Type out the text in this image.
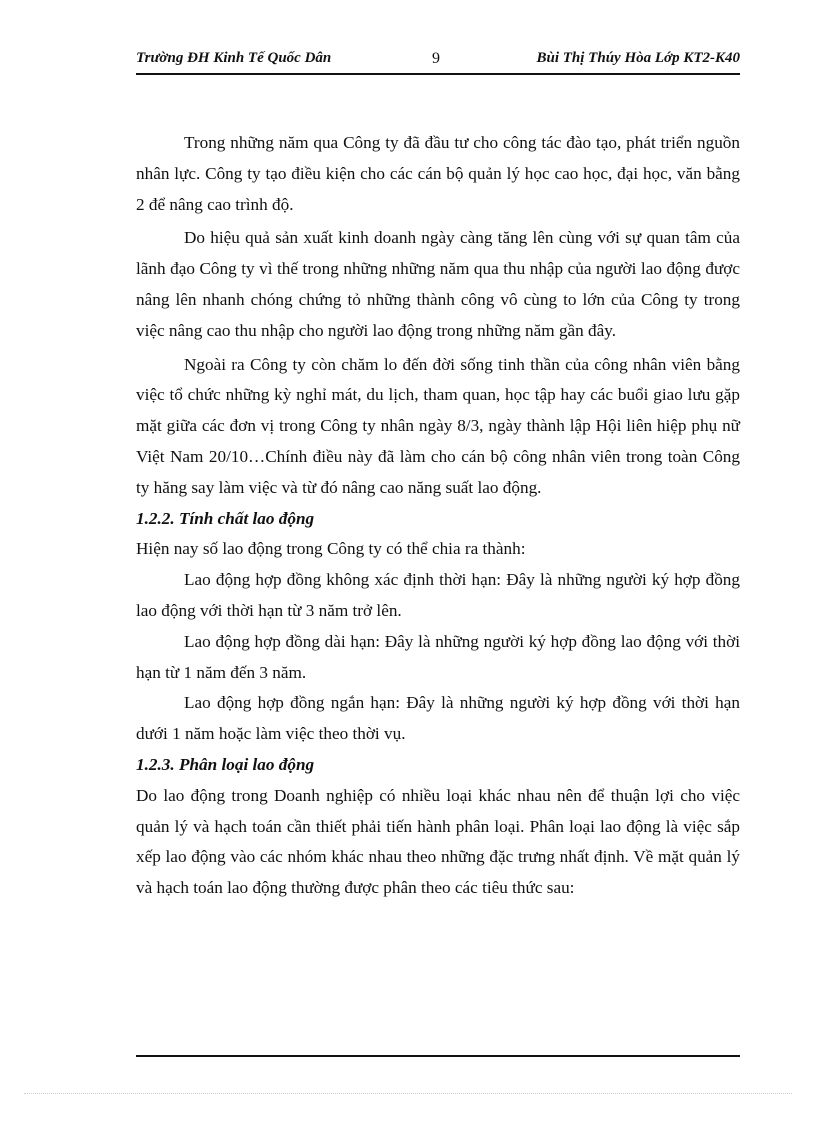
Trường ĐH Kinh Tế Quốc Dân	9	Bùi Thị Thúy Hòa Lớp KT2-K40

Trong những năm qua Công ty đã đầu tư cho công tác đào tạo, phát triển nguồn nhân lực. Công ty tạo điều kiện cho các cán bộ quản lý học cao học, đại học, văn bằng 2 để nâng cao trình độ.

Do hiệu quả sản xuất kinh doanh ngày càng tăng lên cùng với sự quan tâm của lãnh đạo Công ty vì thế trong những những năm qua thu nhập của người lao động được nâng lên nhanh chóng chứng tỏ những thành công vô cùng to lớn của Công ty trong việc nâng cao thu nhập cho người lao động trong những năm gần đây.

Ngoài ra Công ty còn chăm lo đến đời sống tinh thần của công nhân viên bằng việc tổ chức những kỳ nghỉ mát, du lịch, tham quan, học tập hay các buổi giao lưu gặp mặt giữa các đơn vị trong Công ty nhân ngày 8/3, ngày thành lập Hội liên hiệp phụ nữ Việt Nam 20/10…Chính điều này đã làm cho cán bộ công nhân viên trong toàn Công ty hăng say làm việc và từ đó nâng cao năng suất lao động.

1.2.2. Tính chất lao động

Hiện nay số lao động trong Công ty có thể chia ra thành:

Lao động hợp đồng không xác định thời hạn: Đây là những người ký hợp đồng lao động với thời hạn từ 3 năm trở lên.

Lao động hợp đồng dài hạn: Đây là những người ký hợp đồng lao động với thời hạn từ 1 năm đến 3 năm.

Lao động hợp đồng ngắn hạn: Đây là những người ký hợp đồng với thời hạn dưới 1 năm hoặc làm việc theo thời vụ.

1.2.3. Phân loại lao động

Do lao động trong Doanh nghiệp có nhiều loại khác nhau nên để thuận lợi cho việc quản lý và hạch toán cần thiết phải tiến hành phân loại. Phân loại lao động là việc sắp xếp lao động vào các nhóm khác nhau theo những đặc trưng nhất định. Về mặt quản lý và hạch toán lao động thường được phân theo các tiêu thức sau:
